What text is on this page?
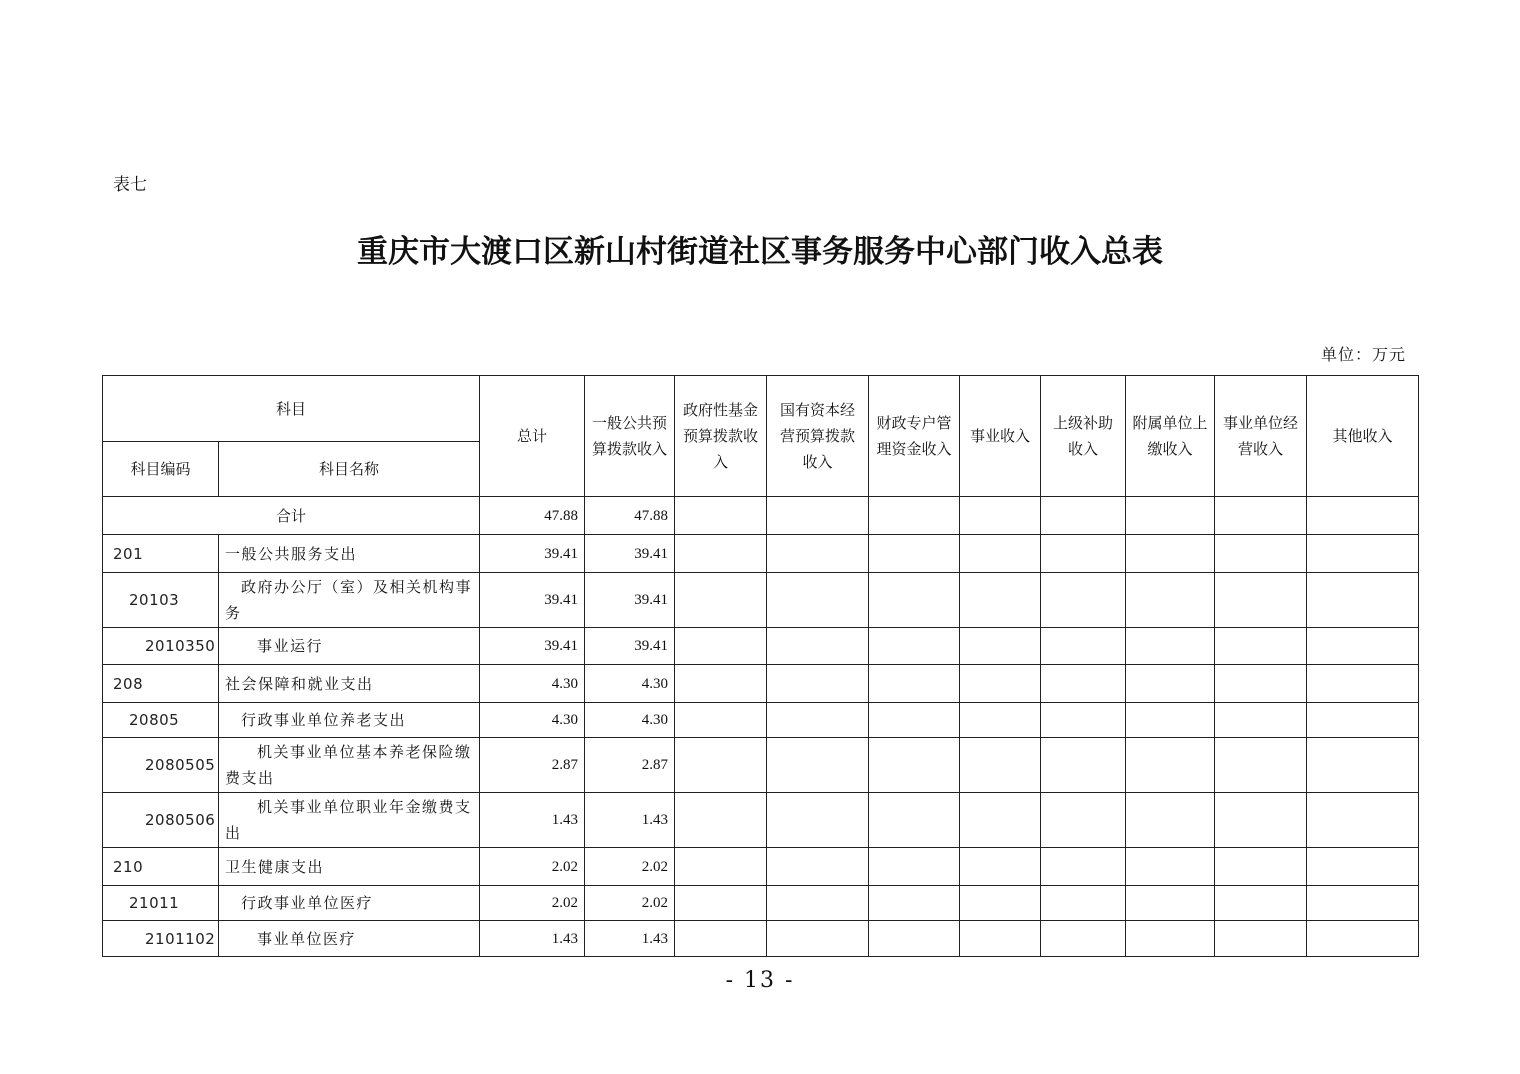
表七
重庆市大渡口区新山村街道社区事务服务中心部门收入总表
单位：万元
科目		总计	一般公共预算拨款收入	政府性基金预算拨款收入	国有资本经营预算拨款收入	财政专户管理资金收入	事业收入	上级补助收入	附属单位上缴收入	事业单位经营收入	其他收入
科目编码	科目名称										
合计		47.88	47.88								
201	一般公共服务支出	39.41	39.41								
20103	政府办公厅（室）及相关机构事务	39.41	39.41								
2010350	事业运行	39.41	39.41								
208	社会保障和就业支出	4.30	4.30								
20805	行政事业单位养老支出	4.30	4.30								
2080505	机关事业单位基本养老保险缴费支出	2.87	2.87								
2080506	机关事业单位职业年金缴费支出	1.43	1.43								
210	卫生健康支出	2.02	2.02								
21011	行政事业单位医疗	2.02	2.02								
2101102	事业单位医疗	1.43	1.43								
- 13 -
